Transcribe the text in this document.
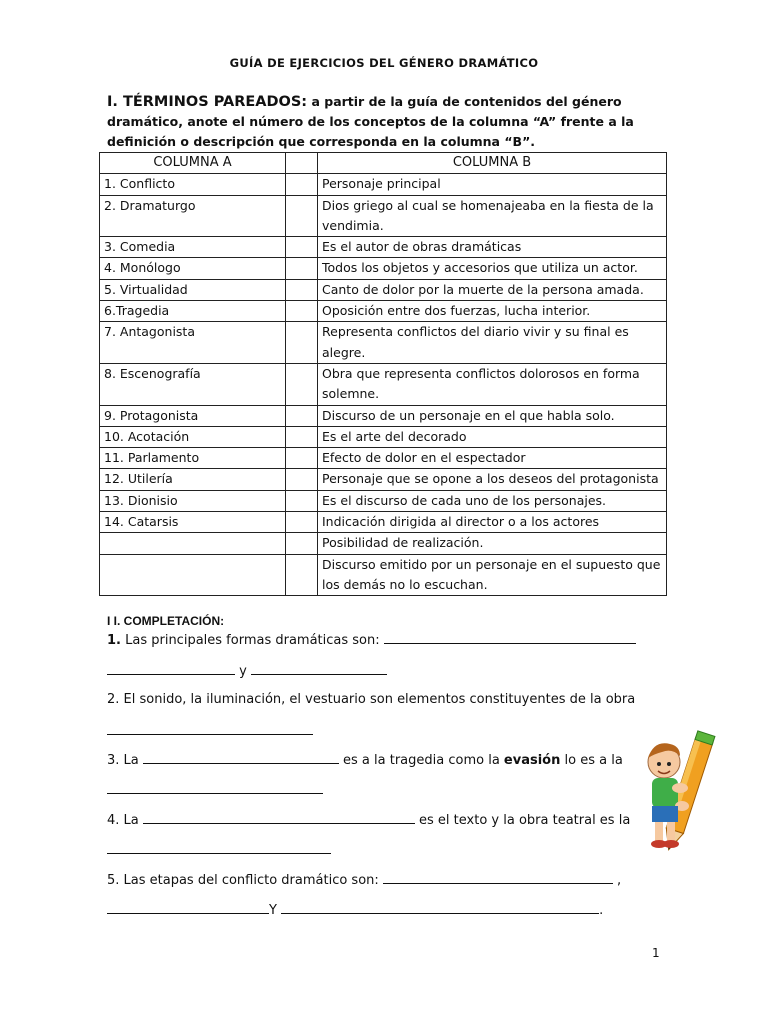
GUÍA DE EJERCICIOS DEL GÉNERO DRAMÁTICO
I. TÉRMINOS PAREADOS: a partir de la guía de contenidos del género dramático, anote el número de los conceptos de la columna “A” frente a la definición o descripción que corresponda en la columna “B”.
COLUMNA A		COLUMNA B
1. Conflicto		Personaje principal
2. Dramaturgo		Dios griego al cual se homenajeaba en la fiesta de la vendimia.
3. Comedia		Es el autor de obras dramáticas
4. Monólogo		Todos los objetos y accesorios que utiliza un actor.
5. Virtualidad		Canto de dolor por la muerte de la persona amada.
6.Tragedia		Oposición entre dos fuerzas, lucha interior.
7. Antagonista		Representa conflictos del diario vivir y su final es alegre.
8. Escenografía		Obra que representa conflictos dolorosos en forma solemne.
9. Protagonista		Discurso de un personaje en el que habla solo.
10. Acotación		Es el arte del decorado
11. Parlamento		Efecto de dolor en el espectador
12. Utilería		Personaje que se opone a los deseos del protagonista
13. Dionisio		Es el discurso de cada uno de los personajes.
14. Catarsis		Indicación dirigida al director o a los actores
		Posibilidad de realización.
		Discurso emitido por un personaje en el supuesto que los demás no lo escuchan.
I I. COMPLETACIÓN:
1. Las principales formas dramáticas son:
y
2. El sonido, la iluminación, el vestuario son elementos constituyentes de la obra
3. La	es a la tragedia como la evasión lo es a la
4. La	es el texto y la obra teatral es la
5. Las etapas del conflicto dramático son:	,
Y	.
1
